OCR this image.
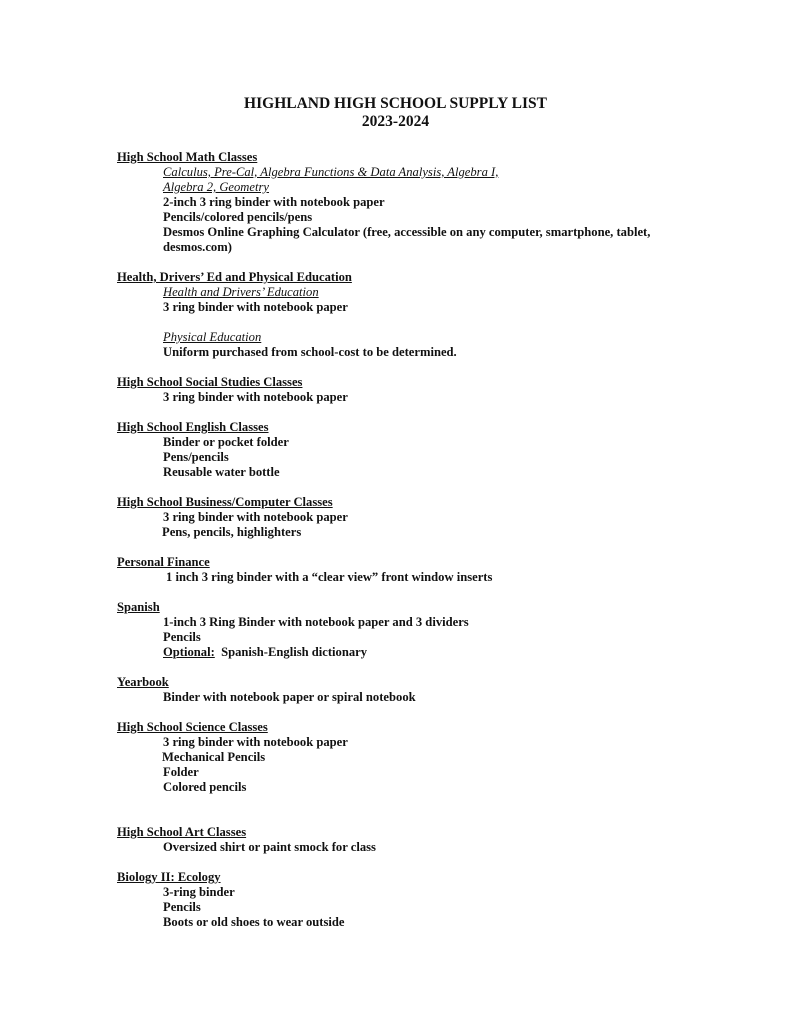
HIGHLAND HIGH SCHOOL SUPPLY LIST
2023-2024
High School Math Classes
Calculus, Pre-Cal, Algebra Functions & Data Analysis, Algebra I,
Algebra 2, Geometry
2-inch 3 ring binder with notebook paper
Pencils/colored pencils/pens
Desmos Online Graphing Calculator (free, accessible on any computer, smartphone, tablet,
desmos.com)
Health, Drivers’ Ed and Physical Education
Health and Drivers’ Education
3 ring binder with notebook paper
Physical Education
Uniform purchased from school-cost to be determined.
High School Social Studies Classes
3 ring binder with notebook paper
High School English Classes
Binder or pocket folder
Pens/pencils
Reusable water bottle
High School Business/Computer Classes
3 ring binder with notebook paper
Pens, pencils, highlighters
Personal Finance
1 inch 3 ring binder with a “clear view” front window inserts
Spanish
1-inch 3 Ring Binder with notebook paper and 3 dividers
Pencils
Optional: Spanish-English dictionary
Yearbook
Binder with notebook paper or spiral notebook
High School Science Classes
3 ring binder with notebook paper
Mechanical Pencils
Folder
Colored pencils
High School Art Classes
Oversized shirt or paint smock for class
Biology II: Ecology
3-ring binder
Pencils
Boots or old shoes to wear outside
